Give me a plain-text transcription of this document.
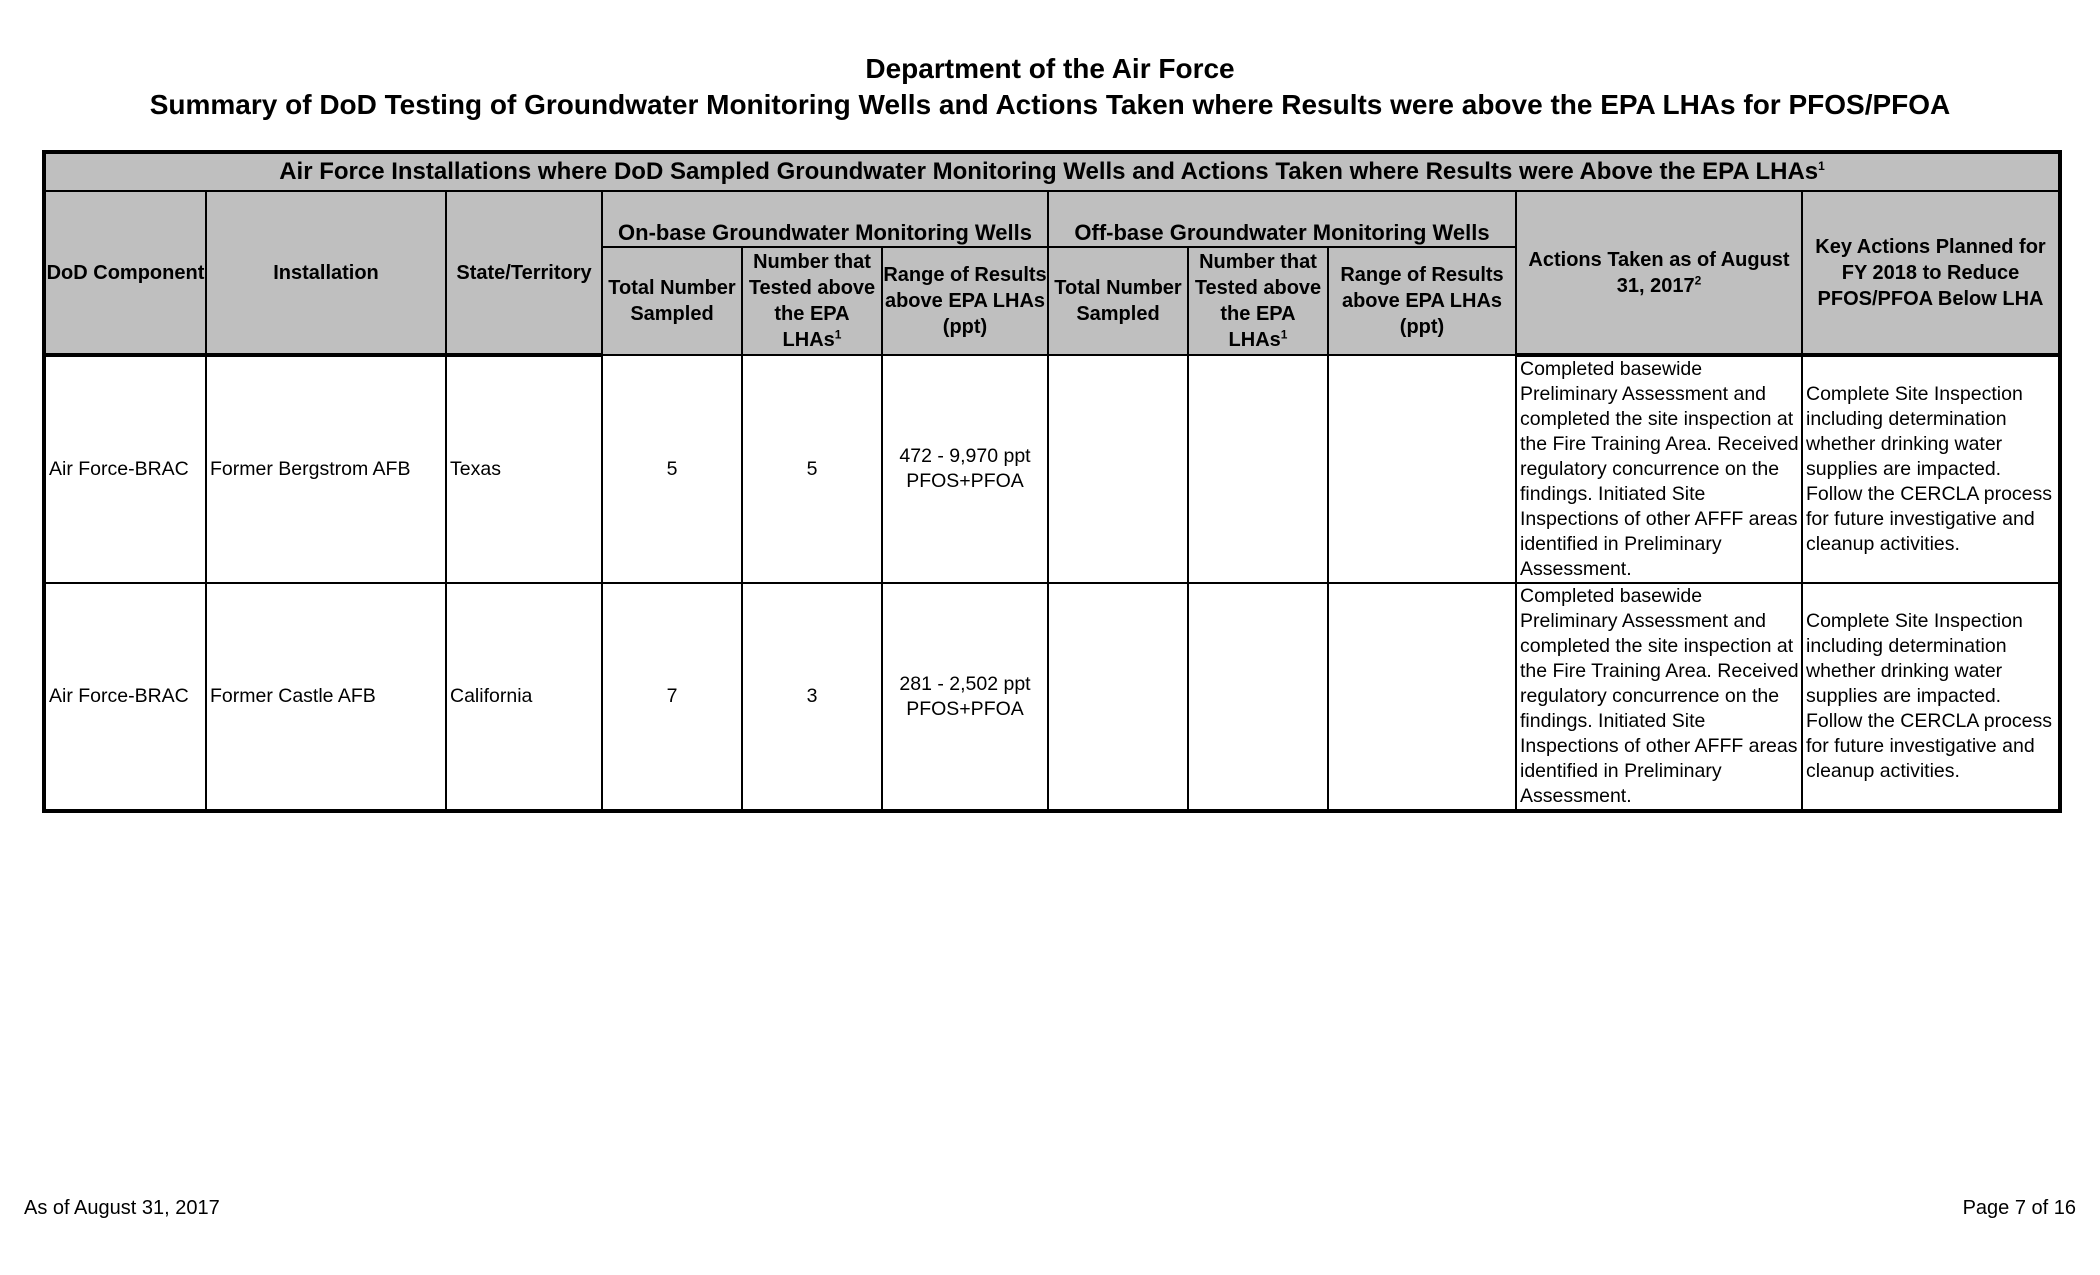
Department of the Air Force
Summary of DoD Testing of Groundwater Monitoring Wells and Actions Taken where Results were above the EPA LHAs for PFOS/PFOA
Air Force Installations where DoD Sampled Groundwater Monitoring Wells and Actions Taken where Results were Above the EPA LHAs$^1$
DoD Component	Installation	State/Territory	On-base Groundwater Monitoring Wells			Off-base Groundwater Monitoring Wells			Actions Taken as of August 31, 2017$^2$	Key Actions Planned for FY 2018 to Reduce PFOS/PFOA Below LHA
			Total Number Sampled	Number that Tested above the EPA LHAs$^1$	Range of Results above EPA LHAs (ppt)	Total Number Sampled	Number that Tested above the EPA LHAs$^1$	Range of Results above EPA LHAs (ppt)		
Air Force-BRAC	Former Bergstrom AFB	Texas	5	5	472 - 9,970 ppt PFOS+PFOA				Completed basewide Preliminary Assessment and completed the site inspection at the Fire Training Area. Received regulatory concurrence on the findings. Initiated Site Inspections of other AFFF areas identified in Preliminary Assessment.	Complete Site Inspection including determination whether drinking water supplies are impacted. Follow the CERCLA process for future investigative and cleanup activities.
Air Force-BRAC	Former Castle AFB	California	7	3	281 - 2,502 ppt PFOS+PFOA				Completed basewide Preliminary Assessment and completed the site inspection at the Fire Training Area. Received regulatory concurrence on the findings. Initiated Site Inspections of other AFFF areas identified in Preliminary Assessment.	Complete Site Inspection including determination whether drinking water supplies are impacted. Follow the CERCLA process for future investigative and cleanup activities.
As of August 31, 2017	Page 7 of 16
